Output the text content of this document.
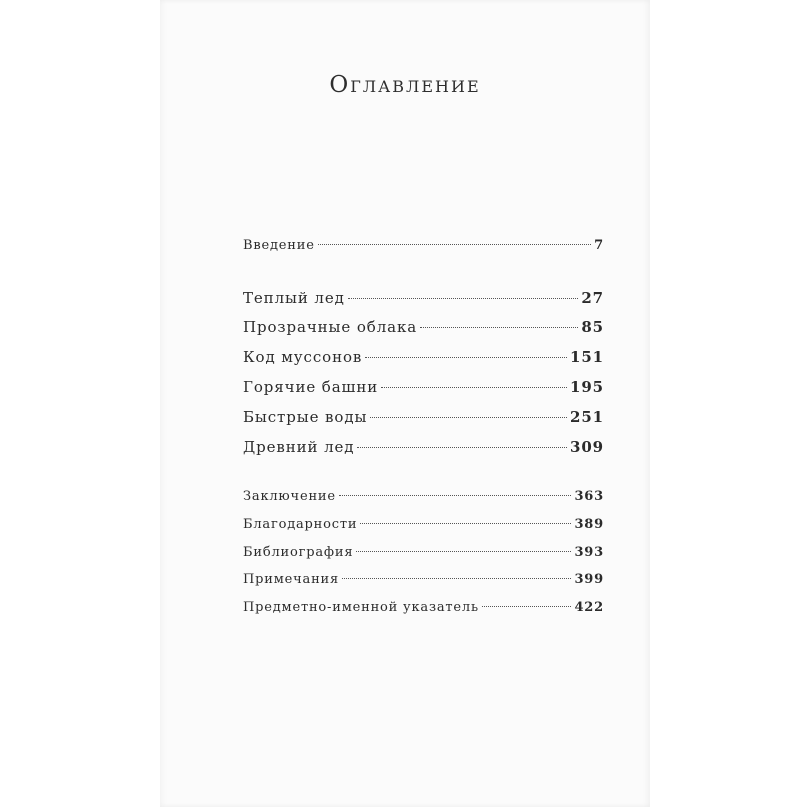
Оглавление
Введение	7
Теплый лед	27
Прозрачные облака	85
Код муссонов	151
Горячие башни	195
Быстрые воды	251
Древний лед	309
Заключение	363
Благодарности	389
Библиография	393
Примечания	399
Предметно-именной указатель	422
